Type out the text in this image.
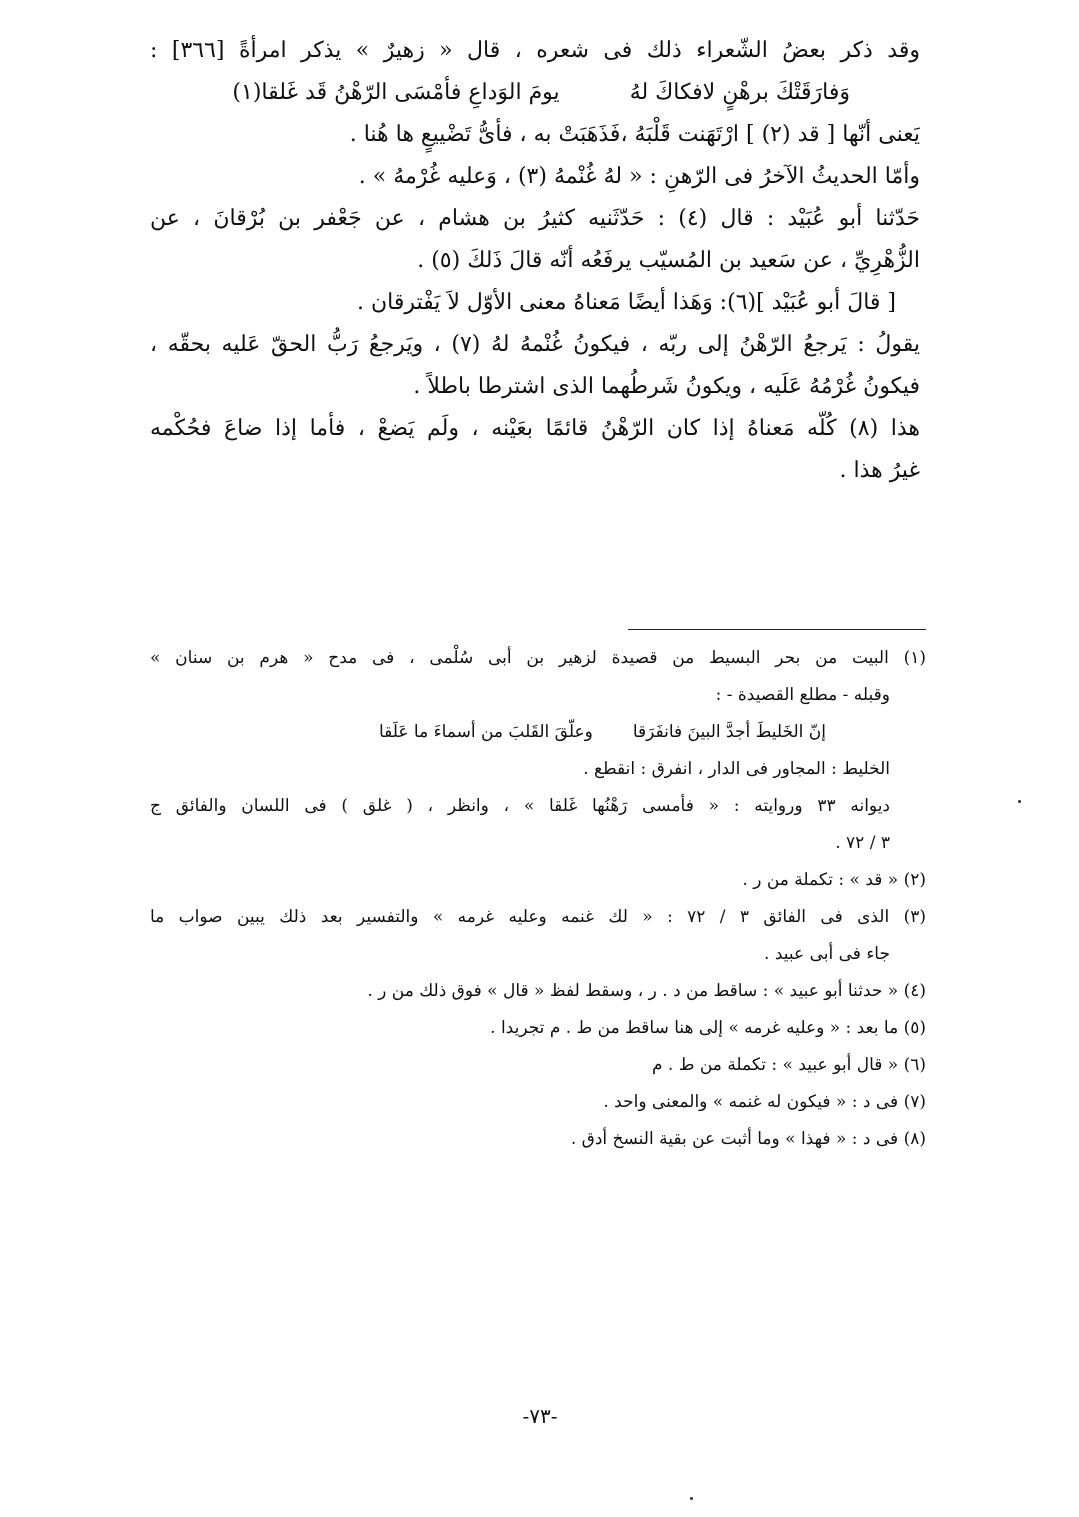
وقد ذكر بعضُ الشّعراء ذلك فى شعره ، قال « زهيرٌ » يذكر امرأةً [٣٦٦] :

وَفارَقَتْكَ برهْنٍ لافكاكَ لهُ
يومَ الوَداعِ فأمْسَى الرّهْنُ قَد غَلقا(١)

يَعنى أنّها [ قد (٢) ] ارْتَهَنت قَلْبَهُ ،فَذَهَبَتْ به ، فأىُّ تَضْييعٍ ها هُنا .

وأمّا الحديثُ الآخرُ فى الرّهنِ : « لهُ غُنْمهُ (٣) ، وَعليه غُرْمهُ » .

حَدّثنا أبو عُبَيْد : قال (٤) : حَدّثَنيه كثيرُ بن هشام ، عن جَعْفر بن بُرْقانَ ، عن

الزُّهْرِيِّ ، عن سَعيد بن المُسيّب يرفَعُه أنّه قالَ ذَلكَ (٥) .

[ قالَ أبو عُبَيْد ](٦): وَهَذا أيضًا مَعناهُ معنى الأوّل لاَ يَفْترقان .

يقولُ : يَرجعُ الرّهْنُ إلى ربّه ، فيكونُ غُنْمهُ لهُ (٧) ، ويَرجعُ رَبُّ الحقّ عَليه بحقّه ،

فيكونُ غُرْمُهُ عَلَيه ، ويكونُ شَرطُهما الذى اشترطا باطلاً .

هذا (٨) كُلّه مَعناهُ إذا كان الرّهْنُ قائمًا بعَيْنه ، ولَم يَضعْ ، فأما إذا ضاعَ فحُكْمه

غيرُ هذا .

(١) البيت من بحر البسيط من قصيدة لزهير بن أبى سُلْمى ، فى مدح « هرم بن سنان »

وقبله - مطلع القصيدة - :

إنّ الخَليطَ أجدَّ البينَ فانفَرَقا
وعلّقَ القَلبَ من أسماءَ ما عَلَقا

الخليط : المجاور فى الدار ، انفرق : انقطع .

ديوانه ٣٣ وروايته : « فأمسى رَهْنُها غَلقا » ، وانظر ، ( غلق ) فى اللسان والفائق ج

٣ / ٧٢ .

(٢) « قد » : تكملة من ر .

(٣) الذى فى الفائق ٣ / ٧٢ : « لك غنمه وعليه غرمه » والتفسير بعد ذلك يبين صواب ما

جاء فى أبى عبيد .

(٤) « حدثنا أبو عبيد » : ساقط من د . ر ، وسقط لفظ « قال » فوق ذلك من ر .

(٥) ما بعد : « وعليه غرمه » إلى هنا ساقط من ط . م تجريدا .

(٦) « قال أبو عبيد » : تكملة من ط . م

(٧) فى د : « فيكون له غنمه » والمعنى واحد .

(٨) فى د : « فهذا » وما أثبت عن بقية النسخ أدق .

-٧٣-
